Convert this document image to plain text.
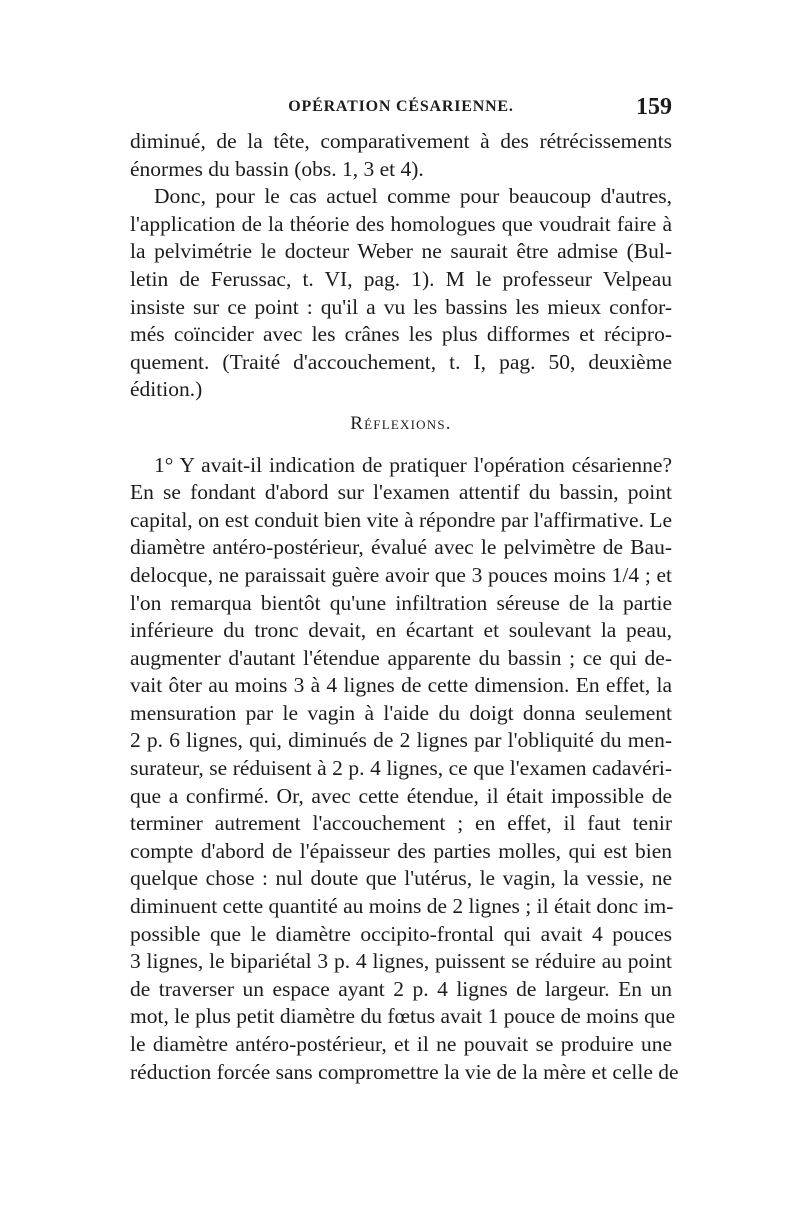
OPÉRATION CÉSARIENNE.	159

diminué, de la tête, comparativement à des rétrécissements
énormes du bassin (obs. 1, 3 et 4).

Donc, pour le cas actuel comme pour beaucoup d'autres,
l'application de la théorie des homologues que voudrait faire à
la pelvimétrie le docteur Weber ne saurait être admise (Bul-
letin de Ferussac, t. VI, pag. 1). M le professeur Velpeau
insiste sur ce point : qu'il a vu les bassins les mieux confor-
més coïncider avec les crânes les plus difformes et récipro-
quement. (Traité d'accouchement, t. I, pag. 50, deuxième
édition.)

Réflexions.

1° Y avait-il indication de pratiquer l'opération césarienne?
En se fondant d'abord sur l'examen attentif du bassin, point
capital, on est conduit bien vite à répondre par l'affirmative. Le
diamètre antéro-postérieur, évalué avec le pelvimètre de Bau-
delocque, ne paraissait guère avoir que 3 pouces moins 1/4 ; et
l'on remarqua bientôt qu'une infiltration séreuse de la partie
inférieure du tronc devait, en écartant et soulevant la peau,
augmenter d'autant l'étendue apparente du bassin ; ce qui de-
vait ôter au moins 3 à 4 lignes de cette dimension. En effet, la
mensuration par le vagin à l'aide du doigt donna seulement
2 p. 6 lignes, qui, diminués de 2 lignes par l'obliquité du men-
surateur, se réduisent à 2 p. 4 lignes, ce que l'examen cadavéri-
que a confirmé. Or, avec cette étendue, il était impossible de
terminer autrement l'accouchement ; en effet, il faut tenir
compte d'abord de l'épaisseur des parties molles, qui est bien
quelque chose : nul doute que l'utérus, le vagin, la vessie, ne
diminuent cette quantité au moins de 2 lignes ; il était donc im-
possible que le diamètre occipito-frontal qui avait 4 pouces
3 lignes, le bipariétal 3 p. 4 lignes, puissent se réduire au point
de traverser un espace ayant 2 p. 4 lignes de largeur. En un
mot, le plus petit diamètre du fœtus avait 1 pouce de moins que
le diamètre antéro-postérieur, et il ne pouvait se produire une
réduction forcée sans compromettre la vie de la mère et celle de
